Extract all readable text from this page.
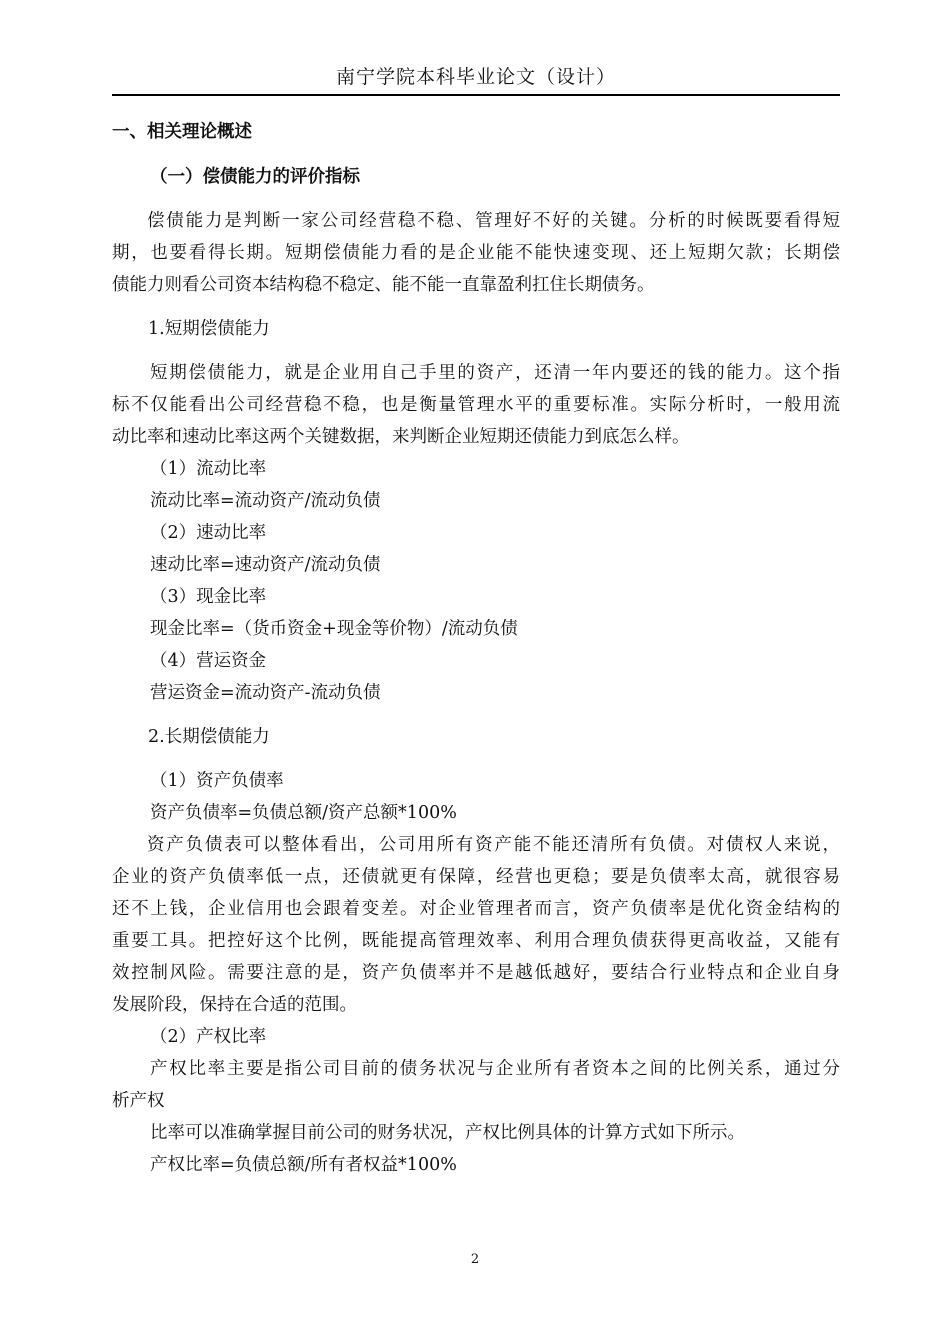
南宁学院本科毕业论文（设计）
一、相关理论概述
（一）偿债能力的评价指标
偿债能力是判断一家公司经营稳不稳、管理好不好的关键。分析的时候既要看得短
期，也要看得长期。短期偿债能力看的是企业能不能快速变现、还上短期欠款；长期偿
债能力则看公司资本结构稳不稳定、能不能一直靠盈利扛住长期债务。
1.短期偿债能力
短期偿债能力，就是企业用自己手里的资产，还清一年内要还的钱的能力。这个指
标不仅能看出公司经营稳不稳，也是衡量管理水平的重要标准。实际分析时，一般用流
动比率和速动比率这两个关键数据，来判断企业短期还债能力到底怎么样。
（1）流动比率
流动比率=流动资产/流动负债
（2）速动比率
速动比率=速动资产/流动负债
（3）现金比率
现金比率=（货币资金+现金等价物）/流动负债
（4）营运资金
营运资金=流动资产-流动负债
2.长期偿债能力
（1）资产负债率
资产负债率=负债总额/资产总额*100%
资产负债表可以整体看出，公司用所有资产能不能还清所有负债。对债权人来说，
企业的资产负债率低一点，还债就更有保障，经营也更稳；要是负债率太高，就很容易
还不上钱，企业信用也会跟着变差。对企业管理者而言，资产负债率是优化资金结构的
重要工具。把控好这个比例，既能提高管理效率、利用合理负债获得更高收益，又能有
效控制风险。需要注意的是，资产负债率并不是越低越好，要结合行业特点和企业自身
发展阶段，保持在合适的范围。
（2）产权比率
产权比率主要是指公司目前的债务状况与企业所有者资本之间的比例关系，通过分
析产权
比率可以准确掌握目前公司的财务状况，产权比例具体的计算方式如下所示。
产权比率=负债总额/所有者权益*100%
2
